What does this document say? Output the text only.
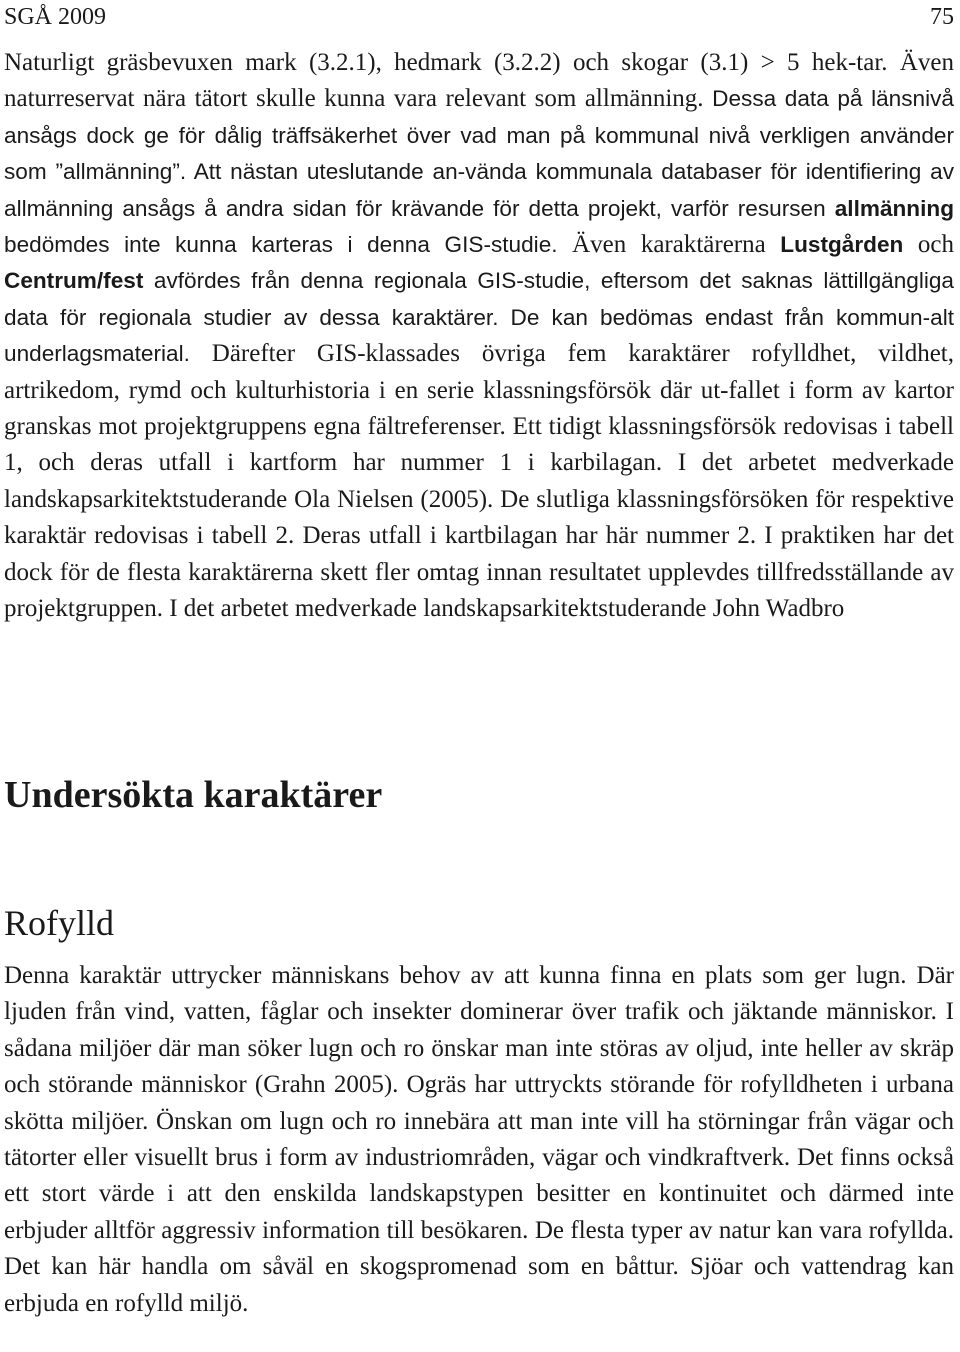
SGÅ 2009	75

Naturligt gräsbevuxen mark (3.2.1), hedmark (3.2.2) och skogar (3.1) > 5 hek-tar. Även naturreservat nära tätort skulle kunna vara relevant som allmänning. Dessa data på länsnivå ansågs dock ge för dålig träffsäkerhet över vad man på kommunal nivå verkligen använder som ”allmänning”. Att nästan uteslutande an-vända kommunala databaser för identifiering av allmänning ansågs å andra sidan för krävande för detta projekt, varför resursen allmänning bedömdes inte kunna karteras i denna GIS-studie. Även karaktärerna Lustgården och Centrum/fest avfördes från denna regionala GIS-studie, eftersom det saknas lättillgängliga data för regionala studier av dessa karaktärer. De kan bedömas endast från kommun-alt underlagsmaterial. Därefter GIS-klassades övriga fem karaktärer rofylldhet, vildhet, artrikedom, rymd och kulturhistoria i en serie klassningsförsök där ut-fallet i form av kartor granskas mot projektgruppens egna fältreferenser. Ett tidigt klassningsförsök redovisas i tabell 1, och deras utfall i kartform har nummer 1 i karbilagan. I det arbetet medverkade landskapsarkitektstuderande Ola Nielsen (2005). De slutliga klassningsförsöken för respektive karaktär redovisas i tabell 2. Deras utfall i kartbilagan har här nummer 2. I praktiken har det dock för de flesta karaktärerna skett fler omtag innan resultatet upplevdes tillfredsställande av projektgruppen. I det arbetet medverkade landskapsarkitektstuderande John Wadbro

Undersökta karaktärer
Rofylld

Denna karaktär uttrycker människans behov av att kunna finna en plats som ger lugn. Där ljuden från vind, vatten, fåglar och insekter dominerar över trafik och jäktande människor. I sådana miljöer där man söker lugn och ro önskar man inte störas av oljud, inte heller av skräp och störande människor (Grahn 2005). Ogräs har uttryckts störande för rofylldheten i urbana skötta miljöer. Önskan om lugn och ro innebära att man inte vill ha störningar från vägar och tätorter eller visuellt brus i form av industriområden, vägar och vindkraftverk. Det finns också ett stort värde i att den enskilda landskapstypen besitter en kontinuitet och därmed inte erbjuder alltför aggressiv information till besökaren. De flesta typer av natur kan vara rofyllda. Det kan här handla om såväl en skogspromenad som en båttur. Sjöar och vattendrag kan erbjuda en rofylld miljö.
